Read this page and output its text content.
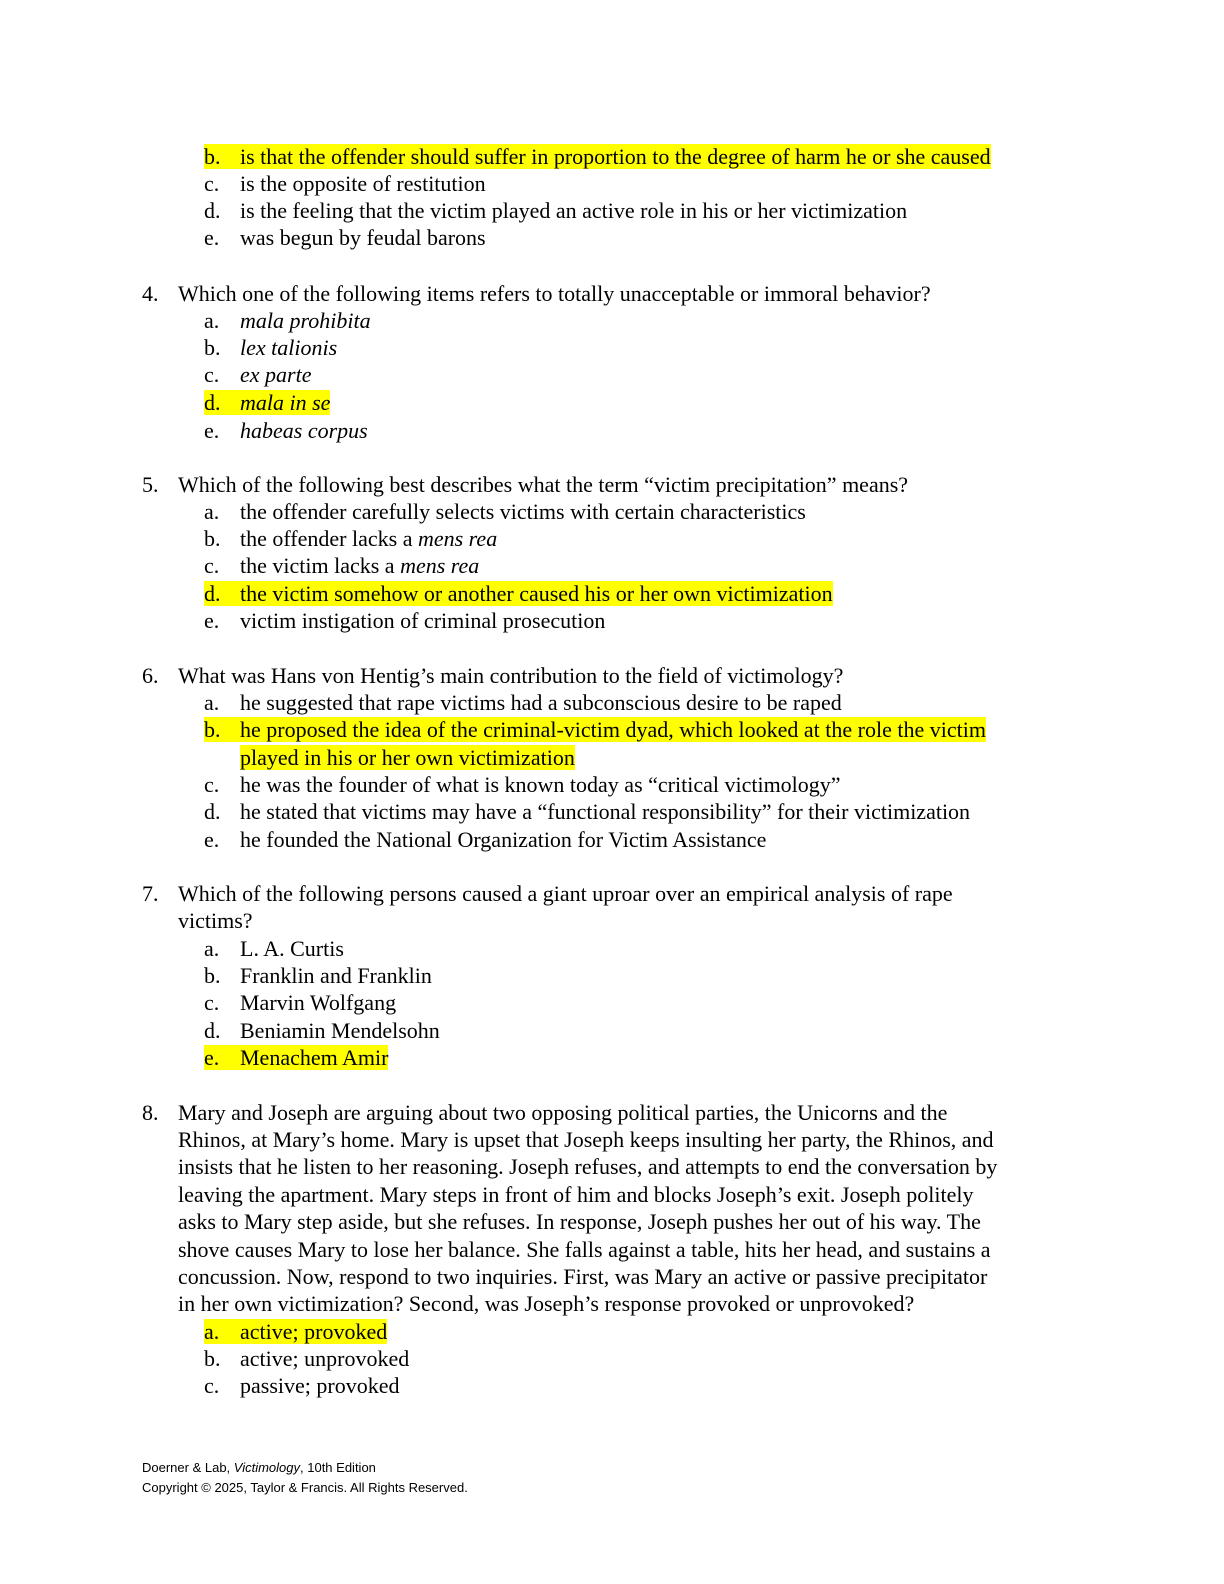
b. is that the offender should suffer in proportion to the degree of harm he or she caused
c. is the opposite of restitution
d. is the feeling that the victim played an active role in his or her victimization
e. was begun by feudal barons
4. Which one of the following items refers to totally unacceptable or immoral behavior?
a. mala prohibita
b. lex talionis
c. ex parte
d. mala in se
e. habeas corpus
5. Which of the following best describes what the term “victim precipitation” means?
a. the offender carefully selects victims with certain characteristics
b. the offender lacks a mens rea
c. the victim lacks a mens rea
d. the victim somehow or another caused his or her own victimization
e. victim instigation of criminal prosecution
6. What was Hans von Hentig’s main contribution to the field of victimology?
a. he suggested that rape victims had a subconscious desire to be raped
b. he proposed the idea of the criminal-victim dyad, which looked at the role the victim
played in his or her own victimization
c. he was the founder of what is known today as “critical victimology”
d. he stated that victims may have a “functional responsibility” for their victimization
e. he founded the National Organization for Victim Assistance
7. Which of the following persons caused a giant uproar over an empirical analysis of rape
victims?
a. L. A. Curtis
b. Franklin and Franklin
c. Marvin Wolfgang
d. Beniamin Mendelsohn
e. Menachem Amir
8. Mary and Joseph are arguing about two opposing political parties, the Unicorns and the
Rhinos, at Mary’s home. Mary is upset that Joseph keeps insulting her party, the Rhinos, and
insists that he listen to her reasoning. Joseph refuses, and attempts to end the conversation by
leaving the apartment. Mary steps in front of him and blocks Joseph’s exit. Joseph politely
asks to Mary step aside, but she refuses. In response, Joseph pushes her out of his way. The
shove causes Mary to lose her balance. She falls against a table, hits her head, and sustains a
concussion. Now, respond to two inquiries. First, was Mary an active or passive precipitator
in her own victimization? Second, was Joseph’s response provoked or unprovoked?
a. active; provoked
b. active; unprovoked
c. passive; provoked
Doerner & Lab, Victimology, 10th Edition
Copyright © 2025, Taylor & Francis. All Rights Reserved.
